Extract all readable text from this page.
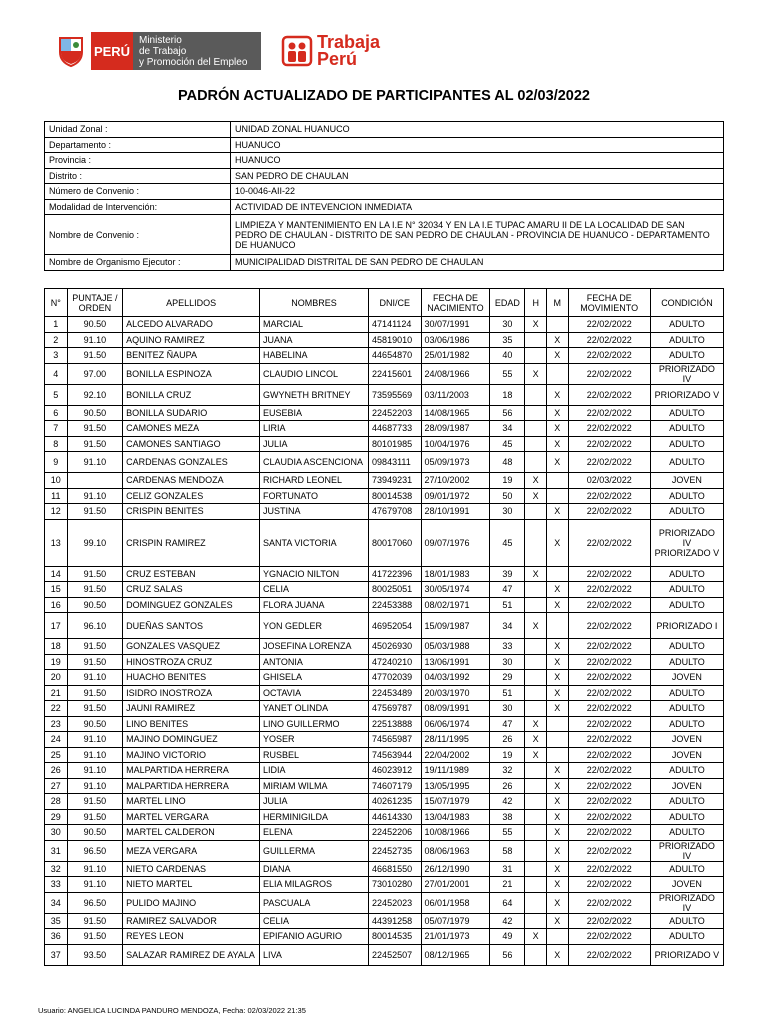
PERÚ
Ministerio
de Trabajo
y Promoción del Empleo
Trabaja
Perú
PADRÓN ACTUALIZADO DE PARTICIPANTES AL 02/03/2022
Unidad Zonal :	UNIDAD ZONAL HUANUCO
Departamento :	HUANUCO
Provincia :	HUANUCO
Distrito :	SAN PEDRO DE CHAULAN
Número de Convenio :	10-0046-AII-22
Modalidad de Intervención:	ACTIVIDAD DE INTEVENCION INMEDIATA
Nombre de Convenio :	LIMPIEZA Y MANTENIMIENTO EN LA I.E N° 32034 Y EN LA I.E TUPAC AMARU II DE LA LOCALIDAD DE SAN PEDRO DE CHAULAN - DISTRITO DE SAN PEDRO DE CHAULAN - PROVINCIA DE HUANUCO - DEPARTAMENTO DE HUANUCO
Nombre de Organismo Ejecutor :	MUNICIPALIDAD DISTRITAL DE SAN PEDRO DE CHAULAN
N°	PUNTAJE / ORDEN	APELLIDOS	NOMBRES	DNI/CE	FECHA DE NACIMIENTO	EDAD	H	M	FECHA DE MOVIMIENTO	CONDICIÓN
1	90.50	ALCEDO ALVARADO	MARCIAL	47141124	30/07/1991	30	X		22/02/2022	ADULTO
2	91.10	AQUINO RAMIREZ	JUANA	45819010	03/06/1986	35		X	22/02/2022	ADULTO
3	91.50	BENITEZ ÑAUPA	HABELINA	44654870	25/01/1982	40		X	22/02/2022	ADULTO
4	97.00	BONILLA ESPINOZA	CLAUDIO LINCOL	22415601	24/08/1966	55	X		22/02/2022	PRIORIZADO IV
5	92.10	BONILLA CRUZ	GWYNETH BRITNEY	73595569	03/11/2003	18		X	22/02/2022	PRIORIZADO V
6	90.50	BONILLA SUDARIO	EUSEBIA	22452203	14/08/1965	56		X	22/02/2022	ADULTO
7	91.50	CAMONES MEZA	LIRIA	44687733	28/09/1987	34		X	22/02/2022	ADULTO
8	91.50	CAMONES SANTIAGO	JULIA	80101985	10/04/1976	45		X	22/02/2022	ADULTO
9	91.10	CARDENAS GONZALES	CLAUDIA ASCENCIONA	09843111	05/09/1973	48		X	22/02/2022	ADULTO
10		CARDENAS MENDOZA	RICHARD LEONEL	73949231	27/10/2002	19	X		02/03/2022	JOVEN
11	91.10	CELIZ GONZALES	FORTUNATO	80014538	09/01/1972	50	X		22/02/2022	ADULTO
12	91.50	CRISPIN BENITES	JUSTINA	47679708	28/10/1991	30		X	22/02/2022	ADULTO
13	99.10	CRISPIN RAMIREZ	SANTA VICTORIA	80017060	09/07/1976	45		X	22/02/2022	PRIORIZADO IV PRIORIZADO V
14	91.50	CRUZ ESTEBAN	YGNACIO NILTON	41722396	18/01/1983	39	X		22/02/2022	ADULTO
15	91.50	CRUZ SALAS	CELIA	80025051	30/05/1974	47		X	22/02/2022	ADULTO
16	90.50	DOMINGUEZ GONZALES	FLORA JUANA	22453388	08/02/1971	51		X	22/02/2022	ADULTO
17	96.10	DUEÑAS SANTOS	YON GEDLER	46952054	15/09/1987	34	X		22/02/2022	PRIORIZADO I
18	91.50	GONZALES VASQUEZ	JOSEFINA LORENZA	45026930	05/03/1988	33		X	22/02/2022	ADULTO
19	91.50	HINOSTROZA CRUZ	ANTONIA	47240210	13/06/1991	30		X	22/02/2022	ADULTO
20	91.10	HUACHO BENITES	GHISELA	47702039	04/03/1992	29		X	22/02/2022	JOVEN
21	91.50	ISIDRO INOSTROZA	OCTAVIA	22453489	20/03/1970	51		X	22/02/2022	ADULTO
22	91.50	JAUNI RAMIREZ	YANET OLINDA	47569787	08/09/1991	30		X	22/02/2022	ADULTO
23	90.50	LINO BENITES	LINO GUILLERMO	22513888	06/06/1974	47	X		22/02/2022	ADULTO
24	91.10	MAJINO DOMINGUEZ	YOSER	74565987	28/11/1995	26	X		22/02/2022	JOVEN
25	91.10	MAJINO VICTORIO	RUSBEL	74563944	22/04/2002	19	X		22/02/2022	JOVEN
26	91.10	MALPARTIDA HERRERA	LIDIA	46023912	19/11/1989	32		X	22/02/2022	ADULTO
27	91.10	MALPARTIDA HERRERA	MIRIAM WILMA	74607179	13/05/1995	26		X	22/02/2022	JOVEN
28	91.50	MARTEL LINO	JULIA	40261235	15/07/1979	42		X	22/02/2022	ADULTO
29	91.50	MARTEL VERGARA	HERMINIGILDA	44614330	13/04/1983	38		X	22/02/2022	ADULTO
30	90.50	MARTEL CALDERON	ELENA	22452206	10/08/1966	55		X	22/02/2022	ADULTO
31	96.50	MEZA VERGARA	GUILLERMA	22452735	08/06/1963	58		X	22/02/2022	PRIORIZADO IV
32	91.10	NIETO CARDENAS	DIANA	46681550	26/12/1990	31		X	22/02/2022	ADULTO
33	91.10	NIETO MARTEL	ELIA MILAGROS	73010280	27/01/2001	21		X	22/02/2022	JOVEN
34	96.50	PULIDO MAJINO	PASCUALA	22452023	06/01/1958	64		X	22/02/2022	PRIORIZADO IV
35	91.50	RAMIREZ SALVADOR	CELIA	44391258	05/07/1979	42		X	22/02/2022	ADULTO
36	91.50	REYES LEON	EPIFANIO AGURIO	80014535	21/01/1973	49	X		22/02/2022	ADULTO
37	93.50	SALAZAR RAMIREZ DE AYALA	LIVA	22452507	08/12/1965	56		X	22/02/2022	PRIORIZADO V
Usuario: ANGELICA LUCINDA PANDURO MENDOZA, Fecha: 02/03/2022 21:35
